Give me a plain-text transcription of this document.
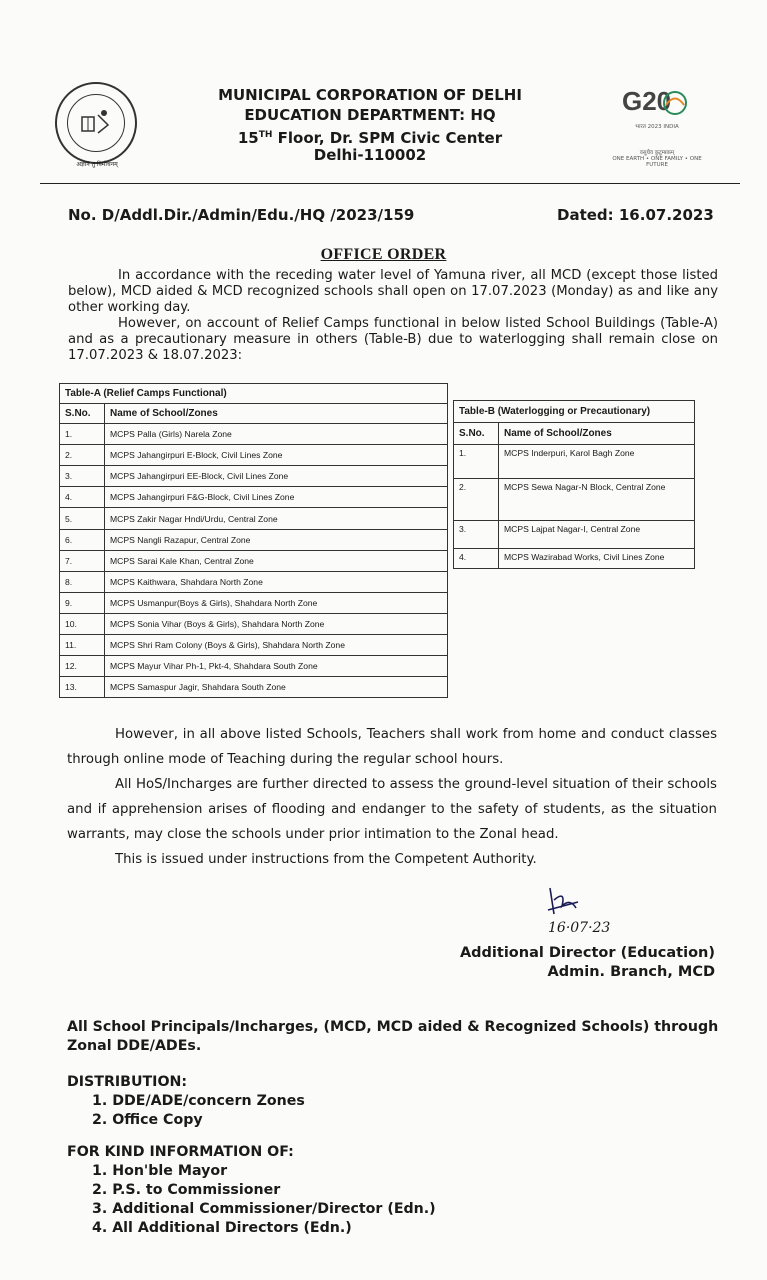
अज्ञानं तु विमोचनम्
MUNICIPAL CORPORATION OF DELHI
EDUCATION DEPARTMENT: HQ
15TH Floor, Dr. SPM Civic Center
Delhi-110002
G20
भारत 2023 INDIA
वसुधैव कुटुम्बकम्
ONE EARTH • ONE FAMILY • ONE FUTURE
No. D/Addl.Dir./Admin/Edu./HQ /2023/159	Dated: 16.07.2023
OFFICE ORDER

In accordance with the receding water level of Yamuna river, all MCD (except those listed below), MCD aided & MCD recognized schools shall open on 17.07.2023 (Monday) as and like any other working day.

However, on account of Relief Camps functional in below listed School Buildings (Table-A) and as a precautionary measure in others (Table-B) due to waterlogging shall remain close on 17.07.2023 & 18.07.2023:

Table-A (Relief Camps Functional)	
S.No.	Name of School/Zones
1.	MCPS Palla (Girls) Narela Zone
2.	MCPS Jahangirpuri E-Block, Civil Lines Zone
3.	MCPS Jahangirpuri EE-Block, Civil Lines Zone
4.	MCPS Jahangirpuri F&G-Block, Civil Lines Zone
5.	MCPS Zakir Nagar Hndi/Urdu, Central Zone
6.	MCPS Nangli Razapur, Central Zone
7.	MCPS Sarai Kale Khan, Central Zone
8.	MCPS Kaithwara, Shahdara North Zone
9.	MCPS Usmanpur(Boys & Girls), Shahdara North Zone
10.	MCPS Sonia Vihar (Boys & Girls), Shahdara North Zone
11.	MCPS Shri Ram Colony (Boys & Girls), Shahdara North Zone
12.	MCPS Mayur Vihar Ph-1, Pkt-4, Shahdara South Zone
13.	MCPS Samaspur Jagir, Shahdara South Zone
Table-B (Waterlogging or Precautionary)	
S.No.	Name of School/Zones
1.	MCPS Inderpuri, Karol Bagh Zone
2.	MCPS Sewa Nagar-N Block, Central Zone
3.	MCPS Lajpat Nagar-I, Central Zone
4.	MCPS Wazirabad Works, Civil Lines Zone

However, in all above listed Schools, Teachers shall work from home and conduct classes through online mode of Teaching during the regular school hours.

All HoS/Incharges are further directed to assess the ground-level situation of their schools and if apprehension arises of flooding and endanger to the safety of students, as the situation warrants, may close the schools under prior intimation to the Zonal head.

This is issued under instructions from the Competent Authority.

16·07·23
Additional Director (Education)
Admin. Branch, MCD
All School Principals/Incharges, (MCD, MCD aided & Recognized Schools) through Zonal DDE/ADEs.
DISTRIBUTION:
1. DDE/ADE/concern Zones
2. Office Copy
FOR KIND INFORMATION OF:
1. Hon'ble Mayor
2. P.S. to Commissioner
3. Additional Commissioner/Director (Edn.)
4. All Additional Directors (Edn.)
